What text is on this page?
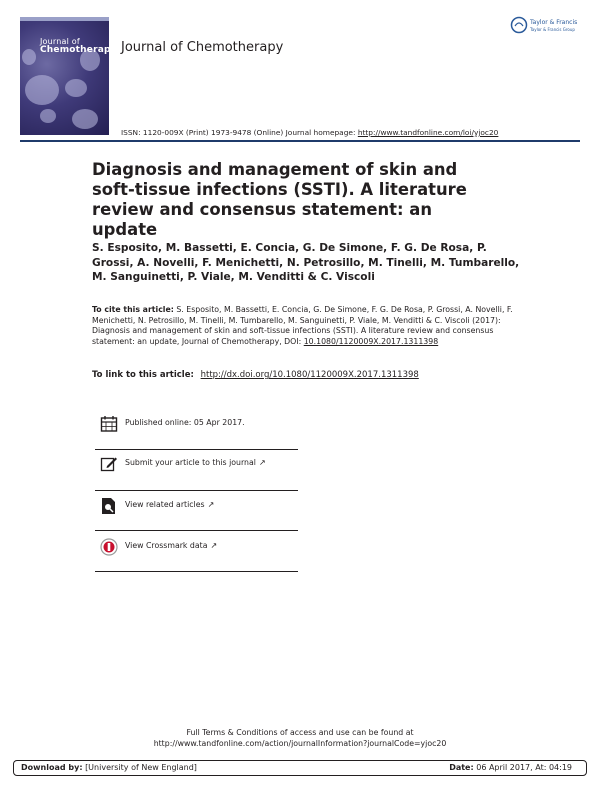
Journal of
Chemotherapy Journal of Chemotherapy
Taylor & Francis
Taylor & Francis Group
ISSN: 1120-009X (Print) 1973-9478 (Online) Journal homepage: http://www.tandfonline.com/loi/yjoc20
Diagnosis and management of skin and soft-tissue infections (SSTI). A literature review and consensus statement: an update
S. Esposito, M. Bassetti, E. Concia, G. De Simone, F. G. De Rosa, P. Grossi, A. Novelli, F. Menichetti, N. Petrosillo, M. Tinelli, M. Tumbarello, M. Sanguinetti, P. Viale, M. Venditti & C. Viscoli
To cite this article: S. Esposito, M. Bassetti, E. Concia, G. De Simone, F. G. De Rosa, P. Grossi, A. Novelli, F. Menichetti, N. Petrosillo, M. Tinelli, M. Tumbarello, M. Sanguinetti, P. Viale, M. Venditti & C. Viscoli (2017): Diagnosis and management of skin and soft-tissue infections (SSTI). A literature review and consensus statement: an update, Journal of Chemotherapy, DOI: 10.1080/1120009X.2017.1311398
To link to this article: http://dx.doi.org/10.1080/1120009X.2017.1311398
Published online: 05 Apr 2017.
Submit your article to this journal ↗
View related articles ↗
View Crossmark data ↗
Full Terms & Conditions of access and use can be found at
http://www.tandfonline.com/action/journalInformation?journalCode=yjoc20
Download by: [University of New England]	Date: 06 April 2017, At: 04:19
